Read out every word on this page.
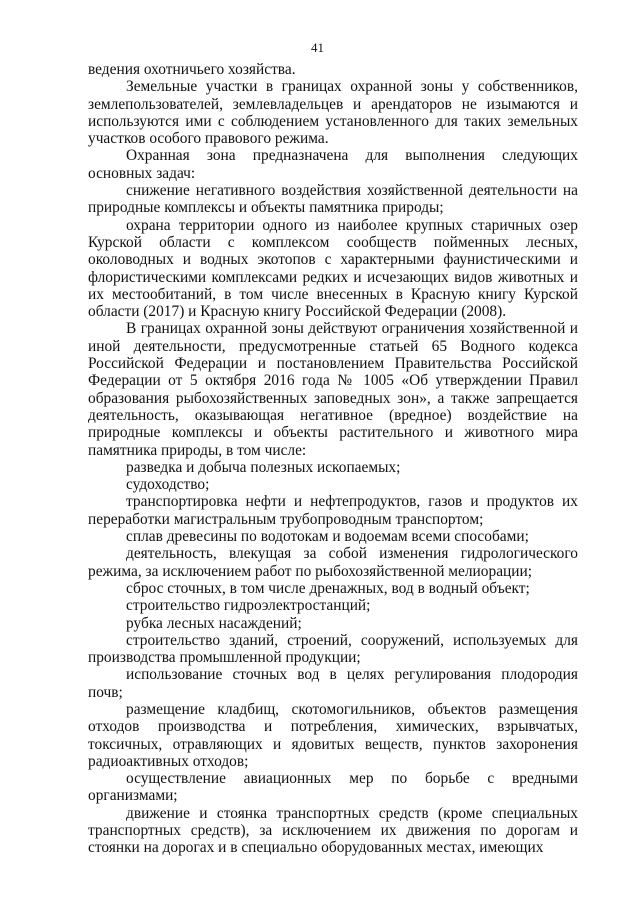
41

ведения охотничьего хозяйства.

Земельные участки в границах охранной зоны у собственников, землепользователей, землевладельцев и арендаторов не изымаются и используются ими с соблюдением установленного для таких земельных участков особого правового режима.

Охранная зона предназначена для выполнения следующих основных задач:

снижение негативного воздействия хозяйственной деятельности на природные комплексы и объекты памятника природы;

охрана территории одного из наиболее крупных старичных озер Курской области с комплексом сообществ пойменных лесных, околоводных и водных экотопов с характерными фаунистическими и флористическими комплексами редких и исчезающих видов животных и их местообитаний, в том числе внесенных в Красную книгу Курской области (2017) и Красную книгу Российской Федерации (2008).

В границах охранной зоны действуют ограничения хозяйственной и иной деятельности, предусмотренные статьей 65 Водного кодекса Российской Федерации и постановлением Правительства Российской Федерации от 5 октября 2016 года № 1005 «Об утверждении Правил образования рыбохозяйственных заповедных зон», а также запрещается деятельность, оказывающая негативное (вредное) воздействие на природные комплексы и объекты растительного и животного мира памятника природы, в том числе:

разведка и добыча полезных ископаемых;

судоходство;

транспортировка нефти и нефтепродуктов, газов и продуктов их переработки магистральным трубопроводным транспортом;

сплав древесины по водотокам и водоемам всеми способами;

деятельность, влекущая за собой изменения гидрологического режима, за исключением работ по рыбохозяйственной мелиорации;

сброс сточных, в том числе дренажных, вод в водный объект;

строительство гидроэлектростанций;

рубка лесных насаждений;

строительство зданий, строений, сооружений, используемых для производства промышленной продукции;

использование сточных вод в целях регулирования плодородия почв;

размещение кладбищ, скотомогильников, объектов размещения отходов производства и потребления, химических, взрывчатых, токсичных, отравляющих и ядовитых веществ, пунктов захоронения радиоактивных отходов;

осуществление авиационных мер по борьбе с вредными организмами;

движение и стоянка транспортных средств (кроме специальных транспортных средств), за исключением их движения по дорогам и стоянки на дорогах и в специально оборудованных местах, имеющих
